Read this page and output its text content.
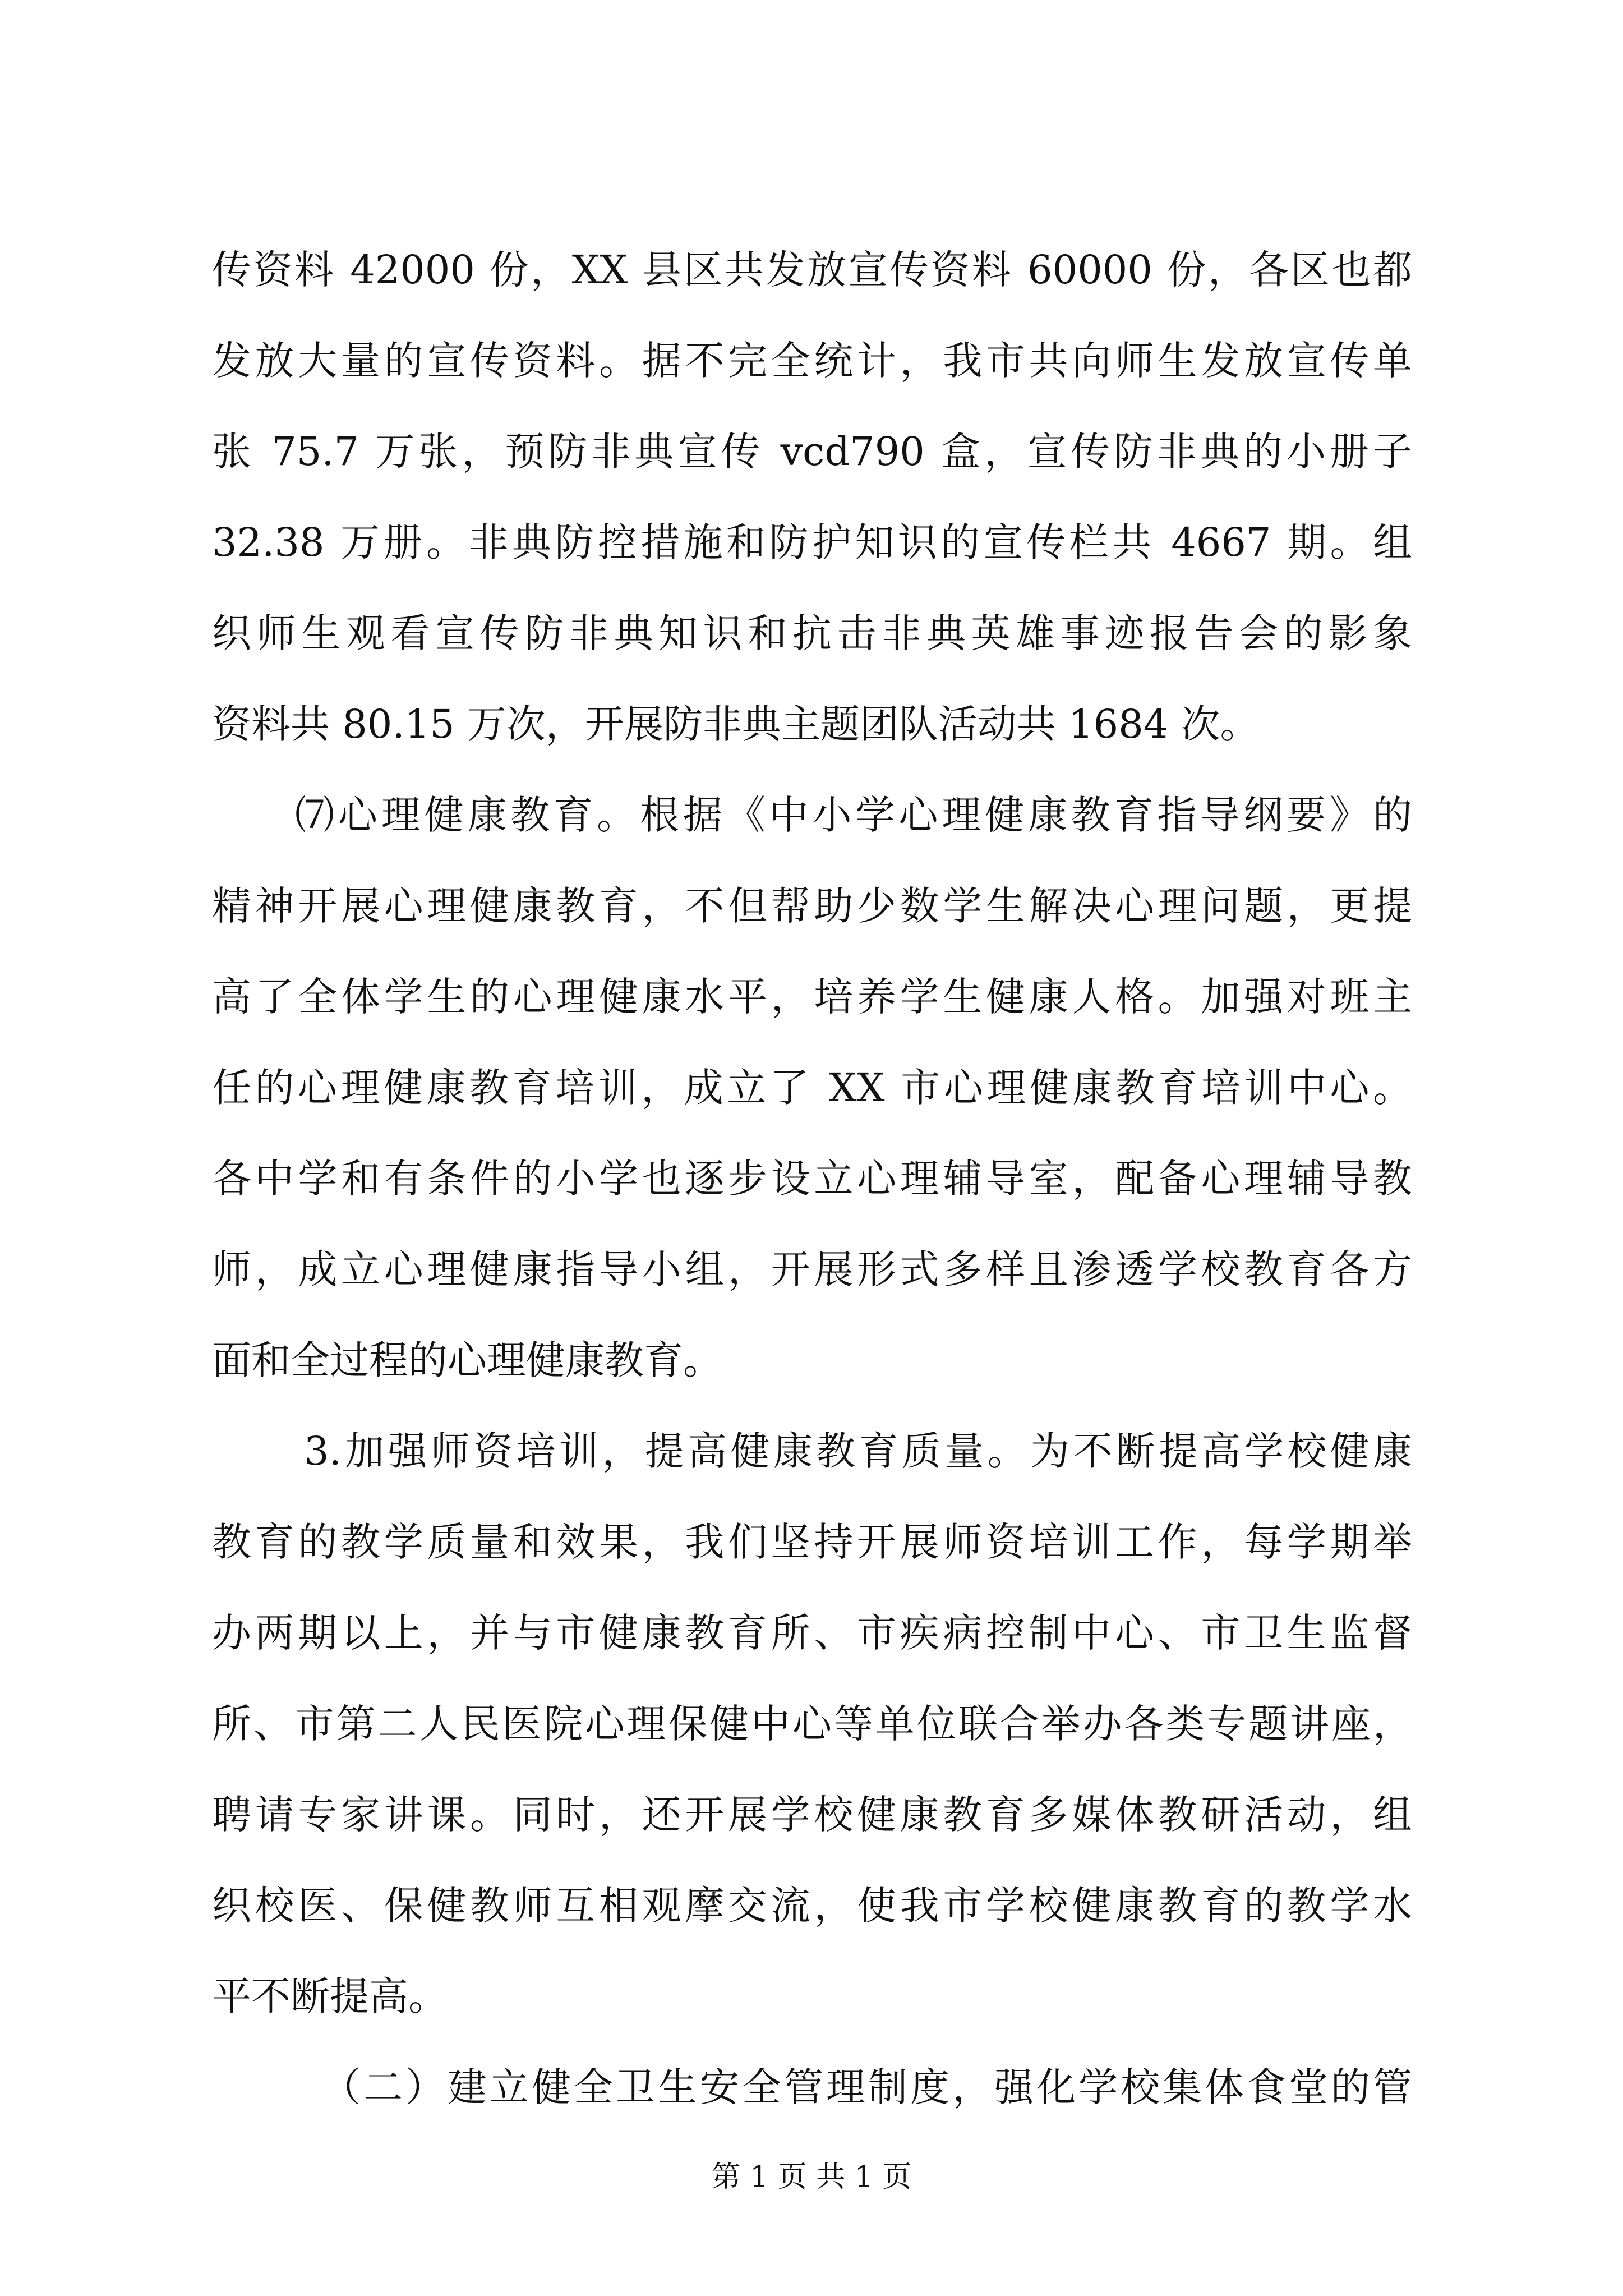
传资料 42000 份，XX 县区共发放宣传资料 60000 份，各区也都
发放大量的宣传资料。据不完全统计，我市共向师生发放宣传单
张 75.7 万张，预防非典宣传 vcd790 盒，宣传防非典的小册子
32.38 万册。非典防控措施和防护知识的宣传栏共 4667 期。组
织师生观看宣传防非典知识和抗击非典英雄事迹报告会的影象
资料共 80.15 万次，开展防非典主题团队活动共 1684 次。
⑺心理健康教育。根据《中小学心理健康教育指导纲要》的
精神开展心理健康教育，不但帮助少数学生解决心理问题，更提
高了全体学生的心理健康水平，培养学生健康人格。加强对班主
任的心理健康教育培训，成立了 XX 市心理健康教育培训中心。
各中学和有条件的小学也逐步设立心理辅导室，配备心理辅导教
师，成立心理健康指导小组，开展形式多样且渗透学校教育各方
面和全过程的心理健康教育。
3.加强师资培训，提高健康教育质量。为不断提高学校健康
教育的教学质量和效果，我们坚持开展师资培训工作，每学期举
办两期以上，并与市健康教育所、市疾病控制中心、市卫生监督
所、市第二人民医院心理保健中心等单位联合举办各类专题讲座，
聘请专家讲课。同时，还开展学校健康教育多媒体教研活动，组
织校医、保健教师互相观摩交流，使我市学校健康教育的教学水
平不断提高。
（二）建立健全卫生安全管理制度，强化学校集体食堂的管
第 1 页 共 1 页
